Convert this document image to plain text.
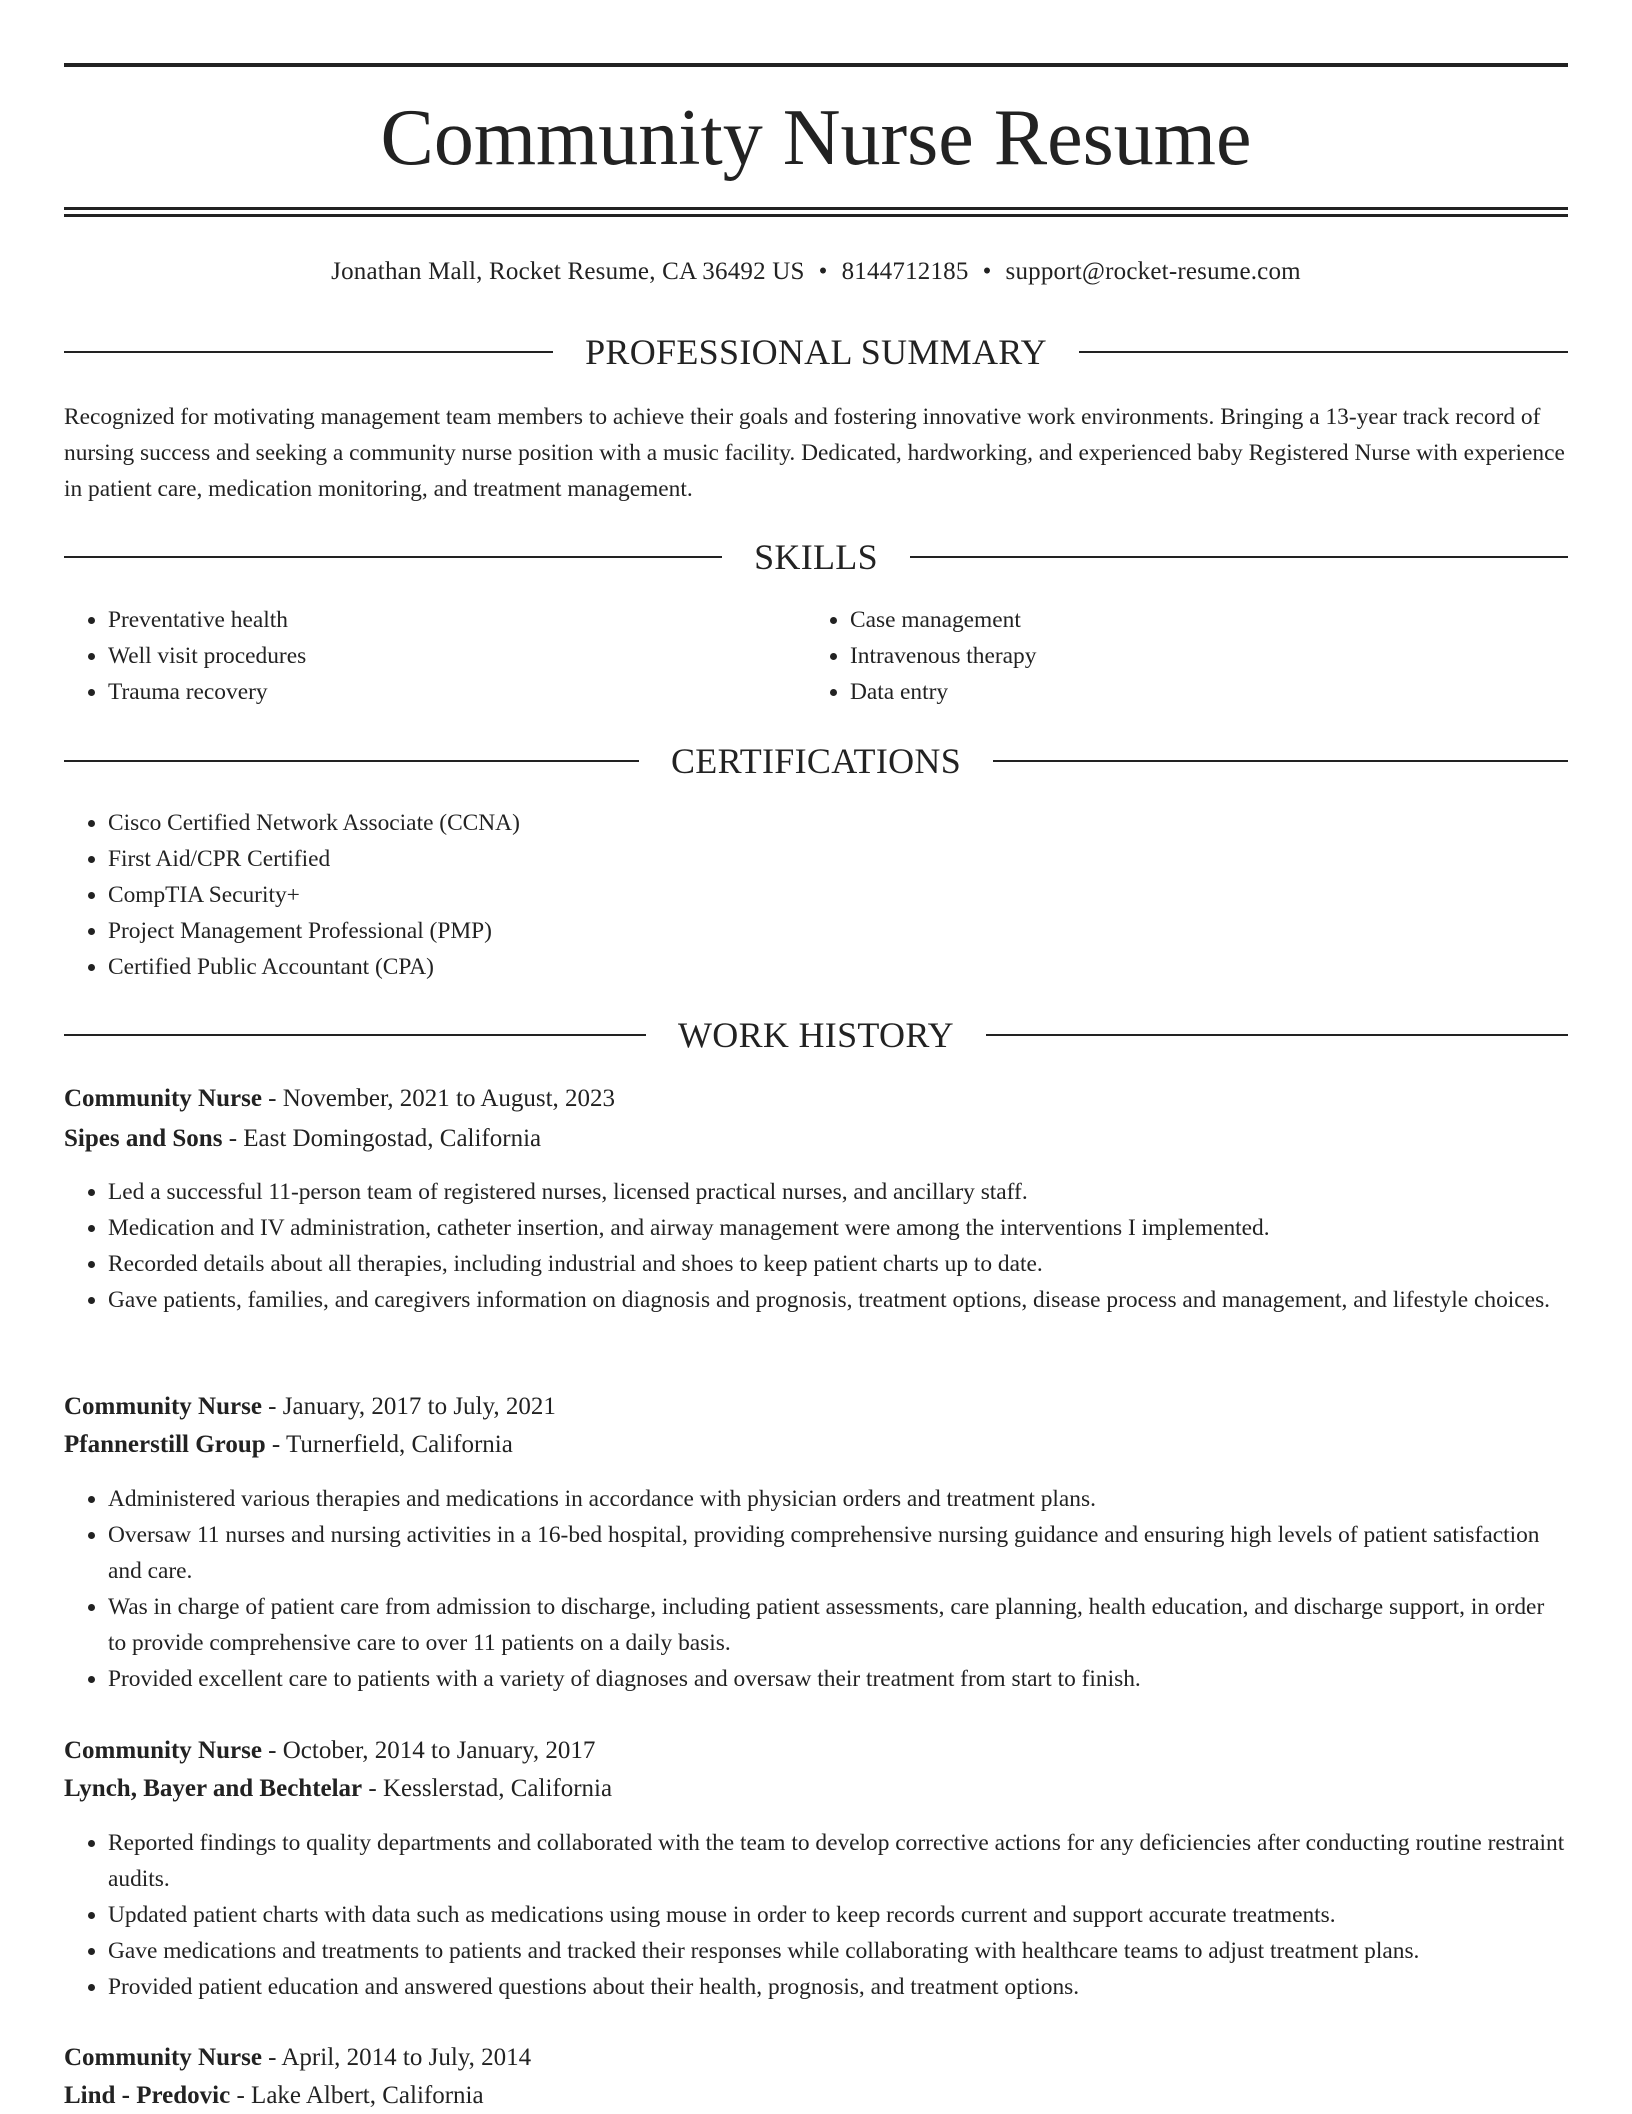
Community Nurse Resume
Jonathan Mall, Rocket Resume, CA 36492 US • 8144712185 • support@rocket-resume.com
PROFESSIONAL SUMMARY

Recognized for motivating management team members to achieve their goals and fostering innovative work environments. Bringing a 13-year track record of nursing success and seeking a community nurse position with a music facility. Dedicated, hardworking, and experienced baby Registered Nurse with experience in patient care, medication monitoring, and treatment management.

SKILLS
• Preventative health
• Well visit procedures
• Trauma recovery
• Case management
• Intravenous therapy
• Data entry
CERTIFICATIONS
• Cisco Certified Network Associate (CCNA)
• First Aid/CPR Certified
• CompTIA Security+
• Project Management Professional (PMP)
• Certified Public Accountant (CPA)
WORK HISTORY
Community Nurse - November, 2021 to August, 2023
Sipes and Sons - East Domingostad, California
• Led a successful 11-person team of registered nurses, licensed practical nurses, and ancillary staff.
• Medication and IV administration, catheter insertion, and airway management were among the interventions I implemented.
• Recorded details about all therapies, including industrial and shoes to keep patient charts up to date.
• Gave patients, families, and caregivers information on diagnosis and prognosis, treatment options, disease process and management, and lifestyle choices.
Community Nurse - January, 2017 to July, 2021
Pfannerstill Group - Turnerfield, California
• Administered various therapies and medications in accordance with physician orders and treatment plans.
• Oversaw 11 nurses and nursing activities in a 16-bed hospital, providing comprehensive nursing guidance and ensuring high levels of patient satisfaction and care.
• Was in charge of patient care from admission to discharge, including patient assessments, care planning, health education, and discharge support, in order to provide comprehensive care to over 11 patients on a daily basis.
• Provided excellent care to patients with a variety of diagnoses and oversaw their treatment from start to finish.
Community Nurse - October, 2014 to January, 2017
Lynch, Bayer and Bechtelar - Kesslerstad, California
• Reported findings to quality departments and collaborated with the team to develop corrective actions for any deficiencies after conducting routine restraint audits.
• Updated patient charts with data such as medications using mouse in order to keep records current and support accurate treatments.
• Gave medications and treatments to patients and tracked their responses while collaborating with healthcare teams to adjust treatment plans.
• Provided patient education and answered questions about their health, prognosis, and treatment options.
Community Nurse - April, 2014 to July, 2014
Lind - Predovic - Lake Albert, California
